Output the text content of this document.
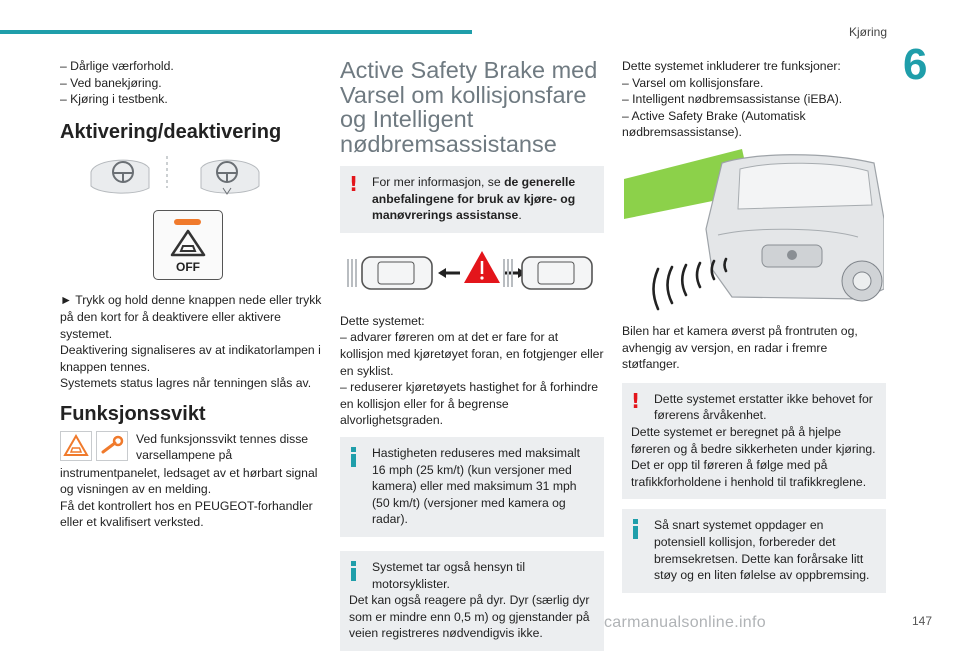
Kjøring
6

– Dårlige værforhold.

– Ved banekjøring.

– Kjøring i testbenk.

Aktivering/deaktivering
OFF

► Trykk og hold denne knappen nede eller trykk på den kort for å deaktivere eller aktivere systemet.

Deaktivering signaliseres av at indikatorlampen i knappen tennes.

Systemets status lagres når tenningen slås av.

Funksjonssvikt

Ved funksjonssvikt tennes disse varsellampene på

instrumentpanelet, ledsaget av et hørbart signal og visningen av en melding.

Få det kontrollert hos en PEUGEOT-forhandler eller et kvalifisert verksted.

Active Safety Brake med Varsel om kollisjonsfare og Intelligent nødbremsassistanse

!	For mer informasjon, se de generelle anbefalingene for bruk av kjøre- og manøvrerings assistanse.

Dette systemet:

– advarer føreren om at det er fare for at kollisjon med kjøretøyet foran, en fotgjenger eller en syklist.

– reduserer kjøretøyets hastighet for å forhindre en kollisjon eller for å begrense alvorlighetsgraden.

Hastigheten reduseres med maksimalt 16 mph (25 km/t) (kun versjoner med kamera) eller med maksimum 31 mph (50 km/t) (versjoner med kamera og radar).

Systemet tar også hensyn til motorsyklister.

Det kan også reagere på dyr. Dyr (særlig dyr som er mindre enn 0,5 m) og gjenstander på veien registreres nødvendigvis ikke.

Dette systemet inkluderer tre funksjoner:

– Varsel om kollisjonsfare.

– Intelligent nødbremsassistanse (iEBA).

– Active Safety Brake (Automatisk nødbremsassistanse).

Bilen har et kamera øverst på frontruten og, avhengig av versjon, en radar i fremre støtfanger.

!	Dette systemet erstatter ikke behovet for førerens årvåkenhet.

Dette systemet er beregnet på å hjelpe føreren og å bedre sikkerheten under kjøring. Det er opp til føreren å følge med på trafikkforholdene i henhold til trafikkreglene.

Så snart systemet oppdager en potensiell kollisjon, forbereder det bremsekretsen. Dette kan forårsake litt støy og en liten følelse av oppbremsing.

147
carmanualsonline.info
